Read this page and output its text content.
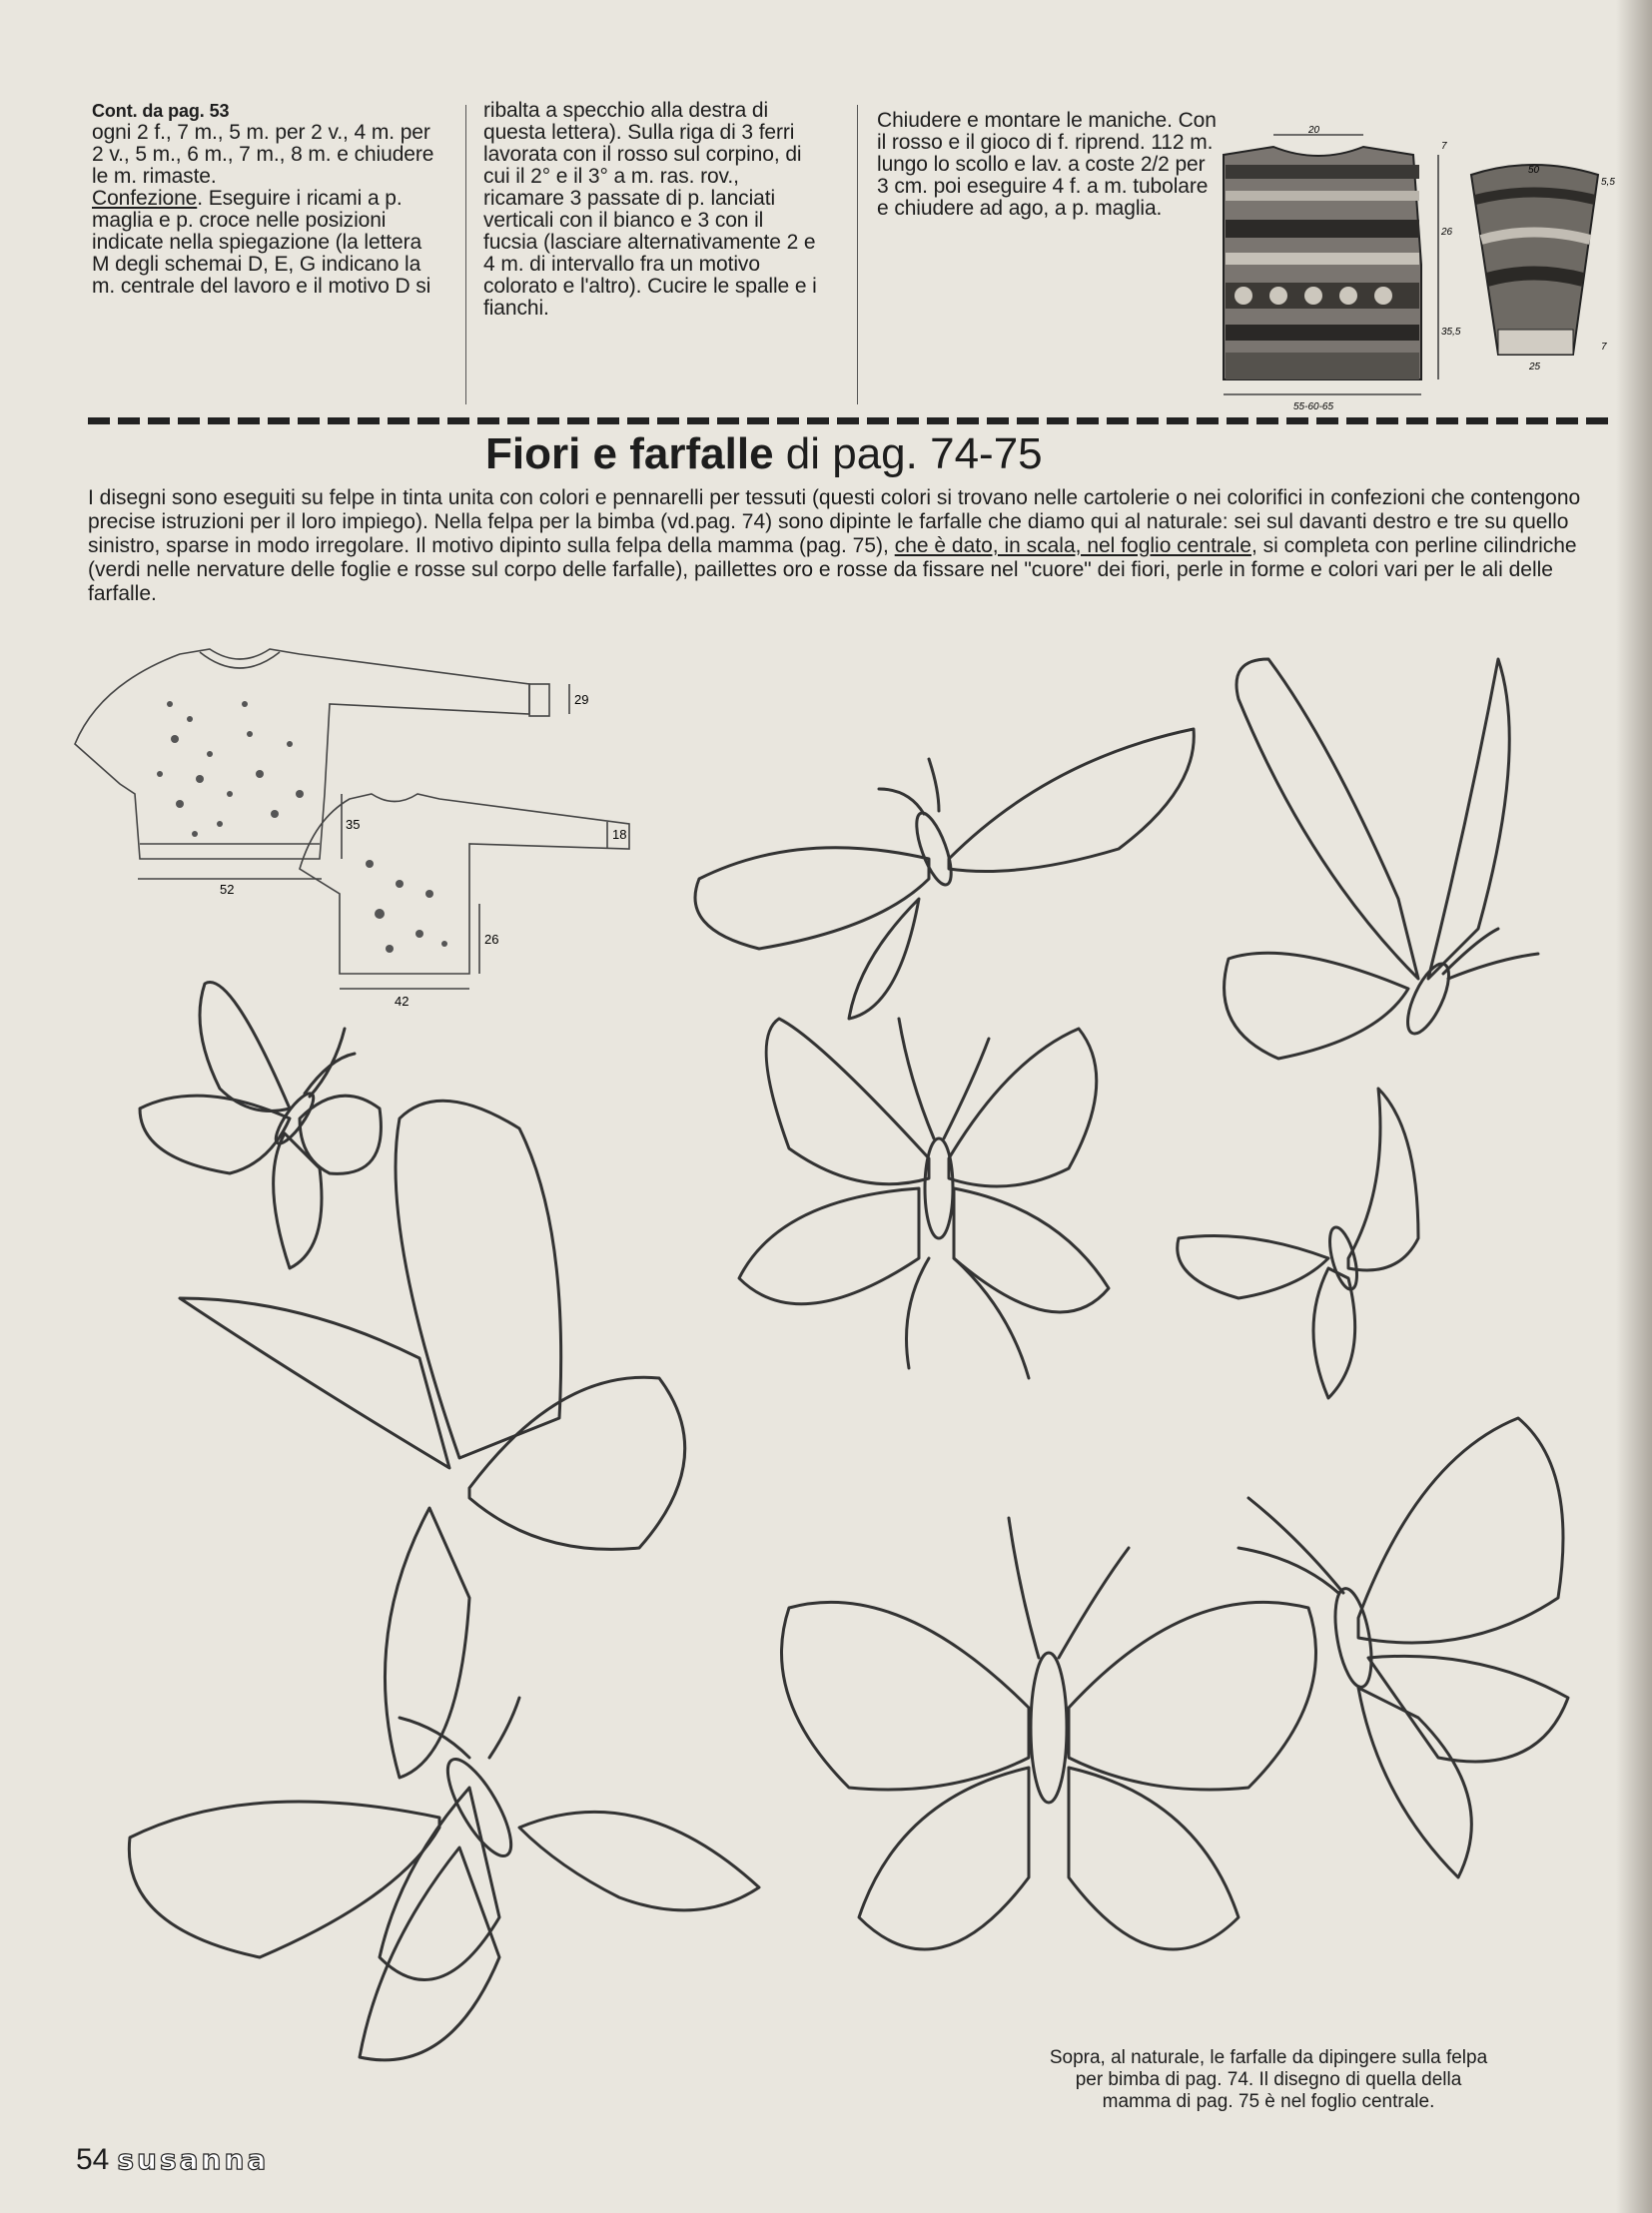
Cont. da pag. 53

ogni 2 f., 7 m., 5 m. per 2 v., 4 m. per 2 v., 5 m., 6 m., 7 m., 8 m. e chiudere le m. rimaste.
Confezione. Eseguire i ricami a p. maglia e p. croce nelle posizioni indicate nella spiegazione (la lettera M degli schemai D, E, G indicano la m. centrale del lavoro e il motivo D si

ribalta a specchio alla destra di questa lettera). Sulla riga di 3 ferri lavorata con il rosso sul corpino, di cui il 2° e il 3° a m. ras. rov., ricamare 3 passate di p. lanciati verticali con il bianco e 3 con il fucsia (lasciare alternativamente 2 e 4 m. di intervallo fra un motivo colorato e l'altro). Cucire le spalle e i fianchi.

Chiudere e montare le maniche. Con il rosso e il gioco di f. riprend. 112 m. lungo lo scollo e lav. a coste 2/2 per 3 cm. poi eseguire 4 f. a m. tubolare e chiudere ad ago, a p. maglia.

20
7
26
35,5
55-60-65
50
5,5
25
7
Fiori e farfalle di pag. 74-75
I disegni sono eseguiti su felpe in tinta unita con colori e pennarelli per tessuti (questi colori si trovano nelle cartolerie o nei colorifici in confezioni che contengono precise istruzioni per il loro impiego). Nella felpa per la bimba (vd.pag. 74) sono dipinte le farfalle che diamo qui al naturale: sei sul davanti destro e tre su quello sinistro, sparse in modo irregolare. Il motivo dipinto sulla felpa della mamma (pag. 75), che è dato, in scala, nel foglio centrale, si completa con perline cilindriche (verdi nelle nervature delle foglie e rosse sul corpo delle farfalle), paillettes oro e rosse da fissare nel "cuore" dei fiori, perle in forme e colori vari per le ali delle farfalle.
29
35
52
18
26
42
Sopra, al naturale, le farfalle da dipingere sulla felpa per bimba di pag. 74. Il disegno di quella della mamma di pag. 75 è nel foglio centrale.
54 susanna
